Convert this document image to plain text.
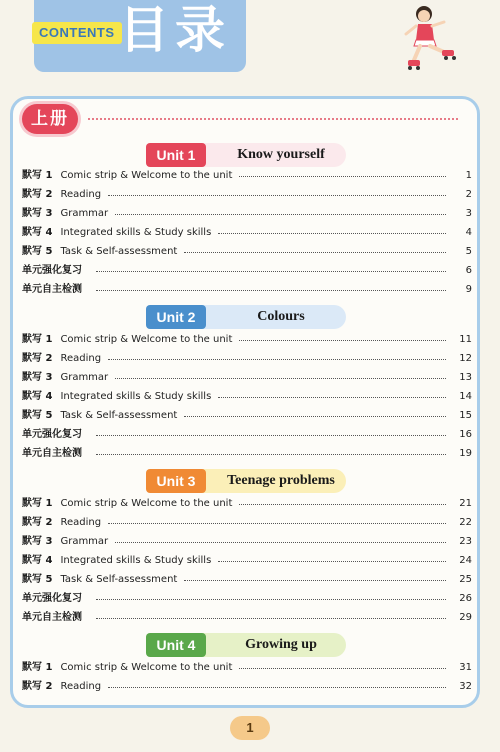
CONTENTS 目录
上册
Unit 1	Know yourself
默写 1 Comic strip & Welcome to the unit	1
默写 2 Reading	2
默写 3 Grammar	3
默写 4 Integrated skills & Study skills	4
默写 5 Task & Self-assessment	5
单元强化复习	6
单元自主检测	9
Unit 2	Colours
默写 1 Comic strip & Welcome to the unit	11
默写 2 Reading	12
默写 3 Grammar	13
默写 4 Integrated skills & Study skills	14
默写 5 Task & Self-assessment	15
单元强化复习	16
单元自主检测	19
Unit 3	Teenage problems
默写 1 Comic strip & Welcome to the unit	21
默写 2 Reading	22
默写 3 Grammar	23
默写 4 Integrated skills & Study skills	24
默写 5 Task & Self-assessment	25
单元强化复习	26
单元自主检测	29
Unit 4	Growing up
默写 1 Comic strip & Welcome to the unit	31
默写 2 Reading	32
1
